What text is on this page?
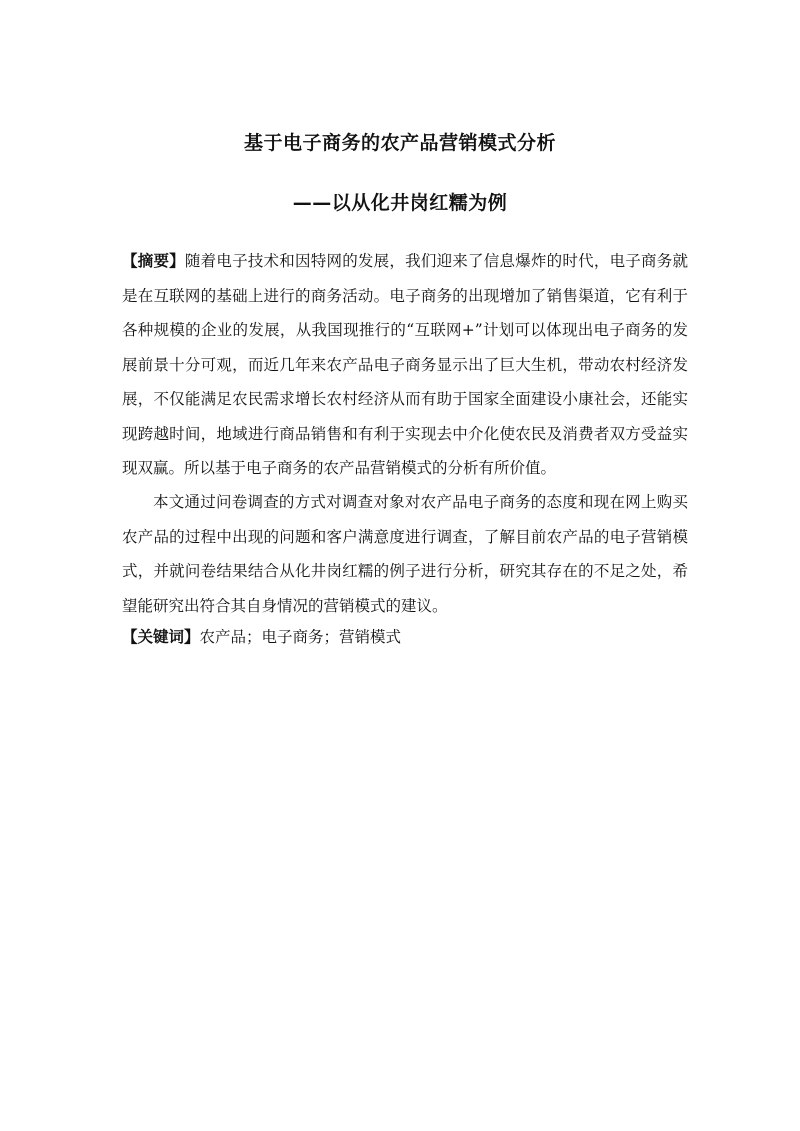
基于电子商务的农产品营销模式分析
——以从化井岗红糯为例

【摘要】随着电子技术和因特网的发展，我们迎来了信息爆炸的时代，电子商务就是在互联网的基础上进行的商务活动。电子商务的出现增加了销售渠道，它有利于各种规模的企业的发展，从我国现推行的“互联网+”计划可以体现出电子商务的发展前景十分可观，而近几年来农产品电子商务显示出了巨大生机，带动农村经济发展，不仅能满足农民需求增长农村经济从而有助于国家全面建设小康社会，还能实现跨越时间，地域进行商品销售和有利于实现去中介化使农民及消费者双方受益实现双赢。所以基于电子商务的农产品营销模式的分析有所价值。

本文通过问卷调查的方式对调查对象对农产品电子商务的态度和现在网上购买农产品的过程中出现的问题和客户满意度进行调查，了解目前农产品的电子营销模式，并就问卷结果结合从化井岗红糯的例子进行分析，研究其存在的不足之处，希望能研究出符合其自身情况的营销模式的建议。

【关键词】农产品；电子商务；营销模式
